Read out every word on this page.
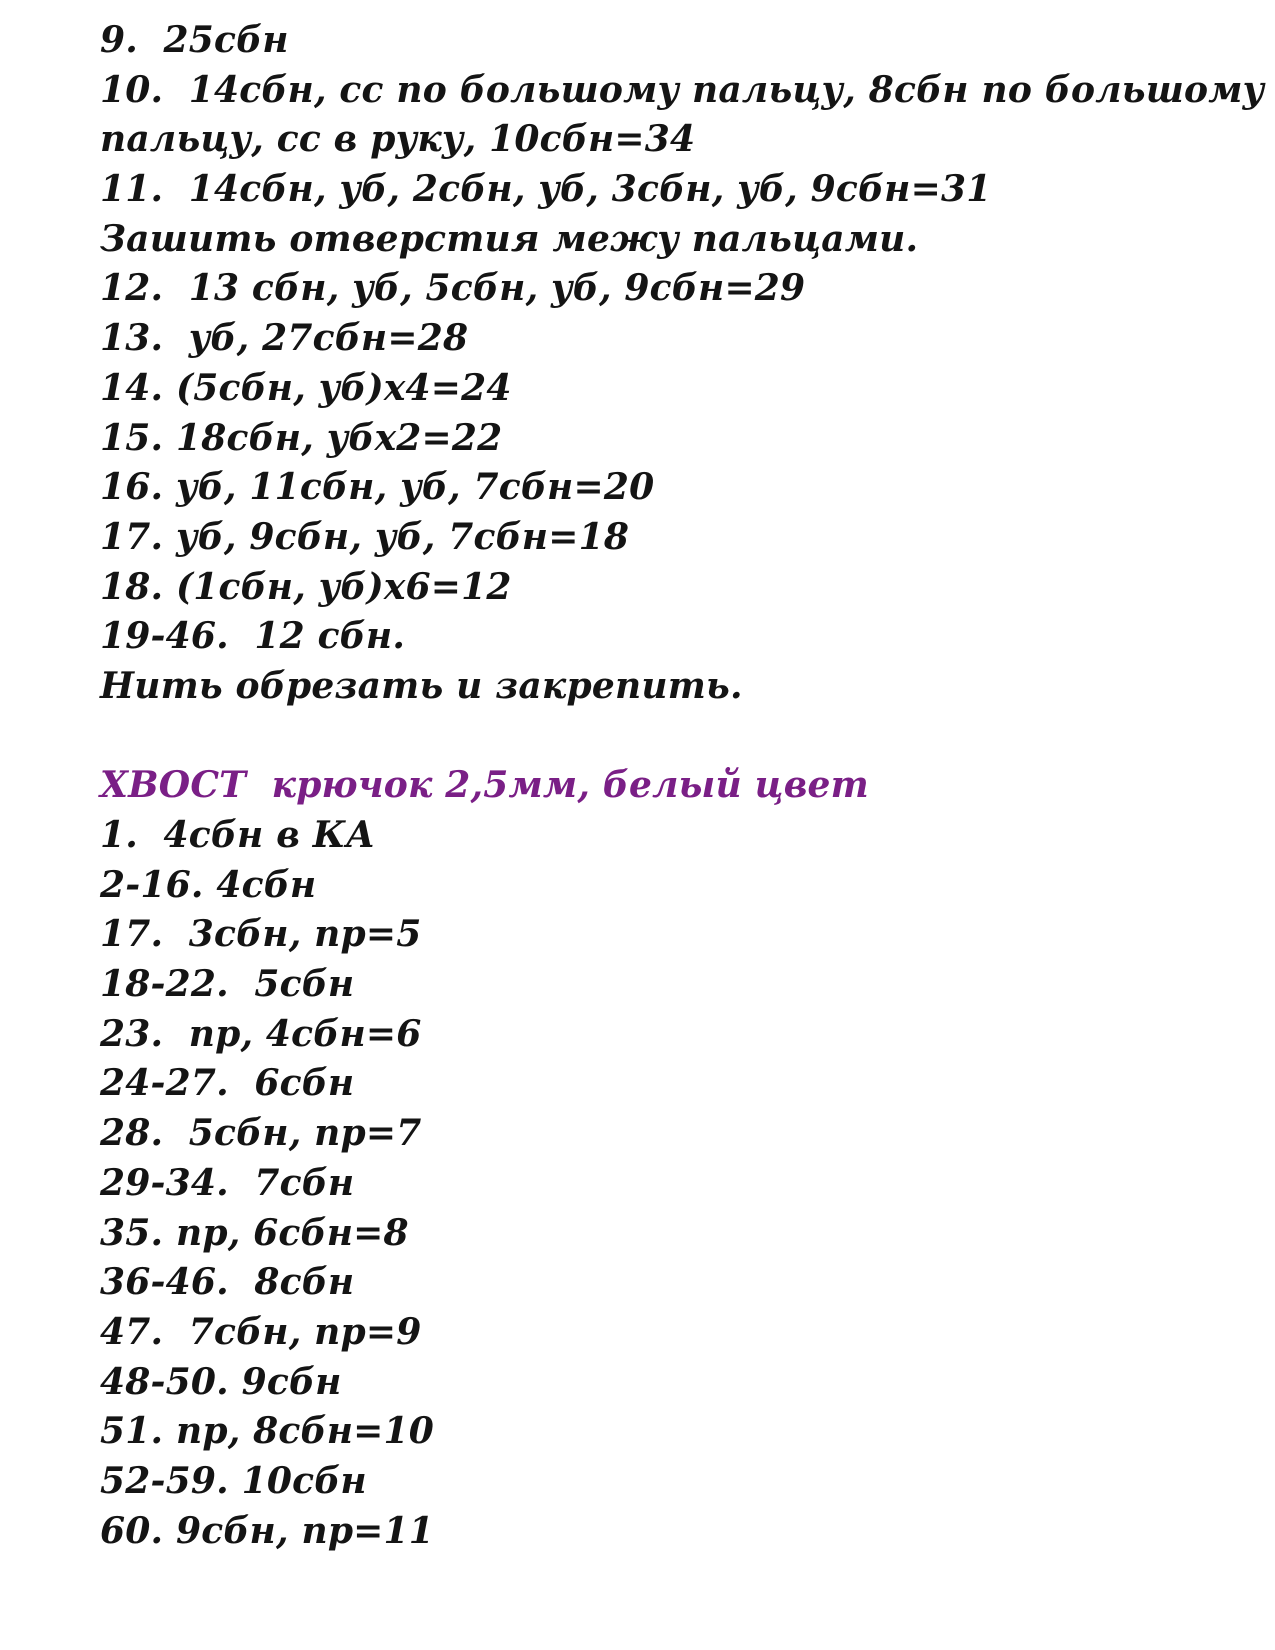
9.  25сбн
10.  14сбн, сс по большому пальцу, 8сбн по большому
пальцу, сс в руку, 10сбн=34
11.  14сбн, уб, 2сбн, уб, 3сбн, уб, 9сбн=31
Зашить отверстия межу пальцами.
12.  13 сбн, уб, 5сбн, уб, 9сбн=29
13.  уб, 27сбн=28
14. (5сбн, уб)х4=24
15. 18сбн, убх2=22
16. уб, 11сбн, уб, 7сбн=20
17. уб, 9сбн, уб, 7сбн=18
18. (1сбн, уб)х6=12
19-46.  12 сбн.
Нить обрезать и закрепить.
ХВОСТ  крючок 2,5мм, белый цвет
1.  4сбн в КА
2-16. 4сбн
17.  3сбн, пр=5
18-22.  5сбн
23.  пр, 4сбн=6
24-27.  6сбн
28.  5сбн, пр=7
29-34.  7сбн
35. пр, 6сбн=8
36-46.  8сбн
47.  7сбн, пр=9
48-50. 9сбн
51. пр, 8сбн=10
52-59. 10сбн
60. 9сбн, пр=11
